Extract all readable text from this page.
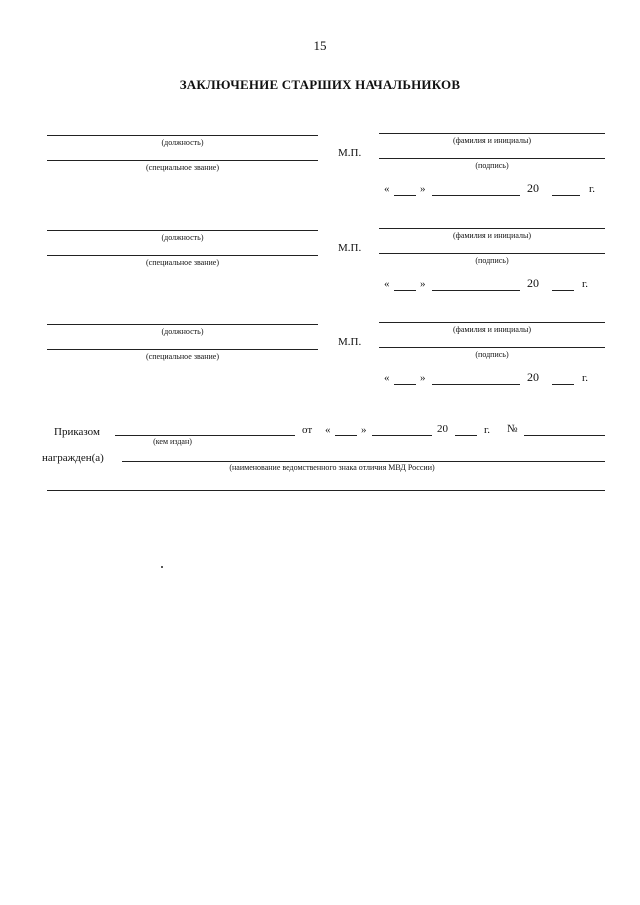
15
ЗАКЛЮЧЕНИЕ СТАРШИХ НАЧАЛЬНИКОВ
(должность)
(специальное звание)
М.П.
(фамилия и инициалы)
(подпись)
«	»	20	г.
(должность)
(специальное звание)
М.П.
(фамилия и инициалы)
(подпись)
«	»	20	г.
(должность)
(специальное звание)
М.П.
(фамилия и инициалы)
(подпись)
«	»	20	г.
Приказом
(кем издан)
от «	»	20	г. №
награжден(а)
(наименование ведомственного знака отличия МВД России)
